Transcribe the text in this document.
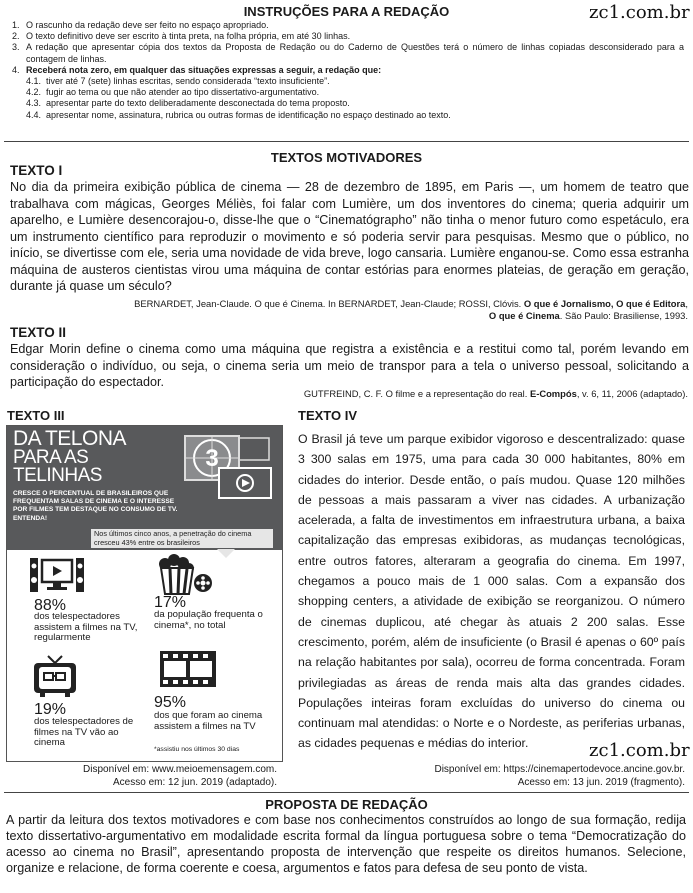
zc1.com.br
zc1.com.br
INSTRUÇÕES PARA A REDAÇÃO
1. O rascunho da redação deve ser feito no espaço apropriado.
2. O texto definitivo deve ser escrito à tinta preta, na folha própria, em até 30 linhas.
3. A redação que apresentar cópia dos textos da Proposta de Redação ou do Caderno de Questões terá o número de linhas copiadas desconsiderado para a contagem de linhas.
4. Receberá nota zero, em qualquer das situações expressas a seguir, a redação que:
4.1. tiver até 7 (sete) linhas escritas, sendo considerada “texto insuficiente”.
4.2. fugir ao tema ou que não atender ao tipo dissertativo-argumentativo.
4.3. apresentar parte do texto deliberadamente desconectada do tema proposto.
4.4. apresentar nome, assinatura, rubrica ou outras formas de identificação no espaço destinado ao texto.
TEXTOS MOTIVADORES
TEXTO I
No dia da primeira exibição pública de cinema — 28 de dezembro de 1895, em Paris —, um homem de teatro que trabalhava com mágicas, Georges Méliès, foi falar com Lumière, um dos inventores do cinema; queria adquirir um aparelho, e Lumière desencorajou-o, disse-lhe que o “Cinematógrapho” não tinha o menor futuro como espetáculo, era um instrumento científico para reproduzir o movimento e só poderia servir para pesquisas. Mesmo que o público, no início, se divertisse com ele, seria uma novidade de vida breve, logo cansaria. Lumière enganou-se. Como essa estranha máquina de austeros cientistas virou uma máquina de contar estórias para enormes plateias, de geração em geração, durante já quase um século?
BERNARDET, Jean-Claude. O que é Cinema. In BERNARDET, Jean-Claude; ROSSI, Clóvis. O que é Jornalismo, O que é Editora,
O que é Cinema. São Paulo: Brasiliense, 1993.
TEXTO II
Edgar Morin define o cinema como uma máquina que registra a existência e a restitui como tal, porém levando em consideração o indivíduo, ou seja, o cinema seria um meio de transpor para a tela o universo pessoal, solicitando a participação do espectador.
GUTFREIND, C. F. O filme e a representação do real. E-Compós, v. 6, 11, 2006 (adaptado).
TEXTO III
DA TELONA
PARA AS
TELINHAS
3
CRESCE O PERCENTUAL DE BRASILEIROS QUE FREQUENTAM SALAS DE CINEMA E O INTERESSE POR FILMES TEM DESTAQUE NO CONSUMO DE TV. ENTENDA!
Nos últimos cinco anos, a penetração do cinema cresceu 43% entre os brasileiros
88%
dos telespectadores assistem a filmes na TV, regularmente
17%
da população frequenta o cinema*, no total
19%
dos telespectadores de filmes na TV vão ao cinema
95%
dos que foram ao cinema assistem a filmes na TV
*assistiu nos últimos 30 dias
Disponível em: www.meioemensagem.com.
Acesso em: 12 jun. 2019 (adaptado).
TEXTO IV
O Brasil já teve um parque exibidor vigoroso e descentralizado: quase 3 300 salas em 1975, uma para cada 30 000 habitantes, 80% em cidades do interior. Desde então, o país mudou. Quase 120 milhões de pessoas a mais passaram a viver nas cidades. A urbanização acelerada, a falta de investimentos em infraestrutura urbana, a baixa capitalização das empresas exibidoras, as mudanças tecnológicas, entre outros fatores, alteraram a geografia do cinema. Em 1997, chegamos a pouco mais de 1 000 salas. Com a expansão dos shopping centers, a atividade de exibição se reorganizou. O número de cinemas duplicou, até chegar às atuais 2 200 salas. Esse crescimento, porém, além de insuficiente (o Brasil é apenas o 60º país na relação habitantes por sala), ocorreu de forma concentrada. Foram privilegiadas as áreas de renda mais alta das grandes cidades. Populações inteiras foram excluídas do universo do cinema ou continuam mal atendidas: o Norte e o Nordeste, as periferias urbanas, as cidades pequenas e médias do interior.
Disponível em: https://cinemapertodevoce.ancine.gov.br.
Acesso em: 13 jun. 2019 (fragmento).
PROPOSTA DE REDAÇÃO
A partir da leitura dos textos motivadores e com base nos conhecimentos construídos ao longo de sua formação, redija texto dissertativo-argumentativo em modalidade escrita formal da língua portuguesa sobre o tema “Democratização do acesso ao cinema no Brasil”, apresentando proposta de intervenção que respeite os direitos humanos. Selecione, organize e relacione, de forma coerente e coesa, argumentos e fatos para defesa de seu ponto de vista.
